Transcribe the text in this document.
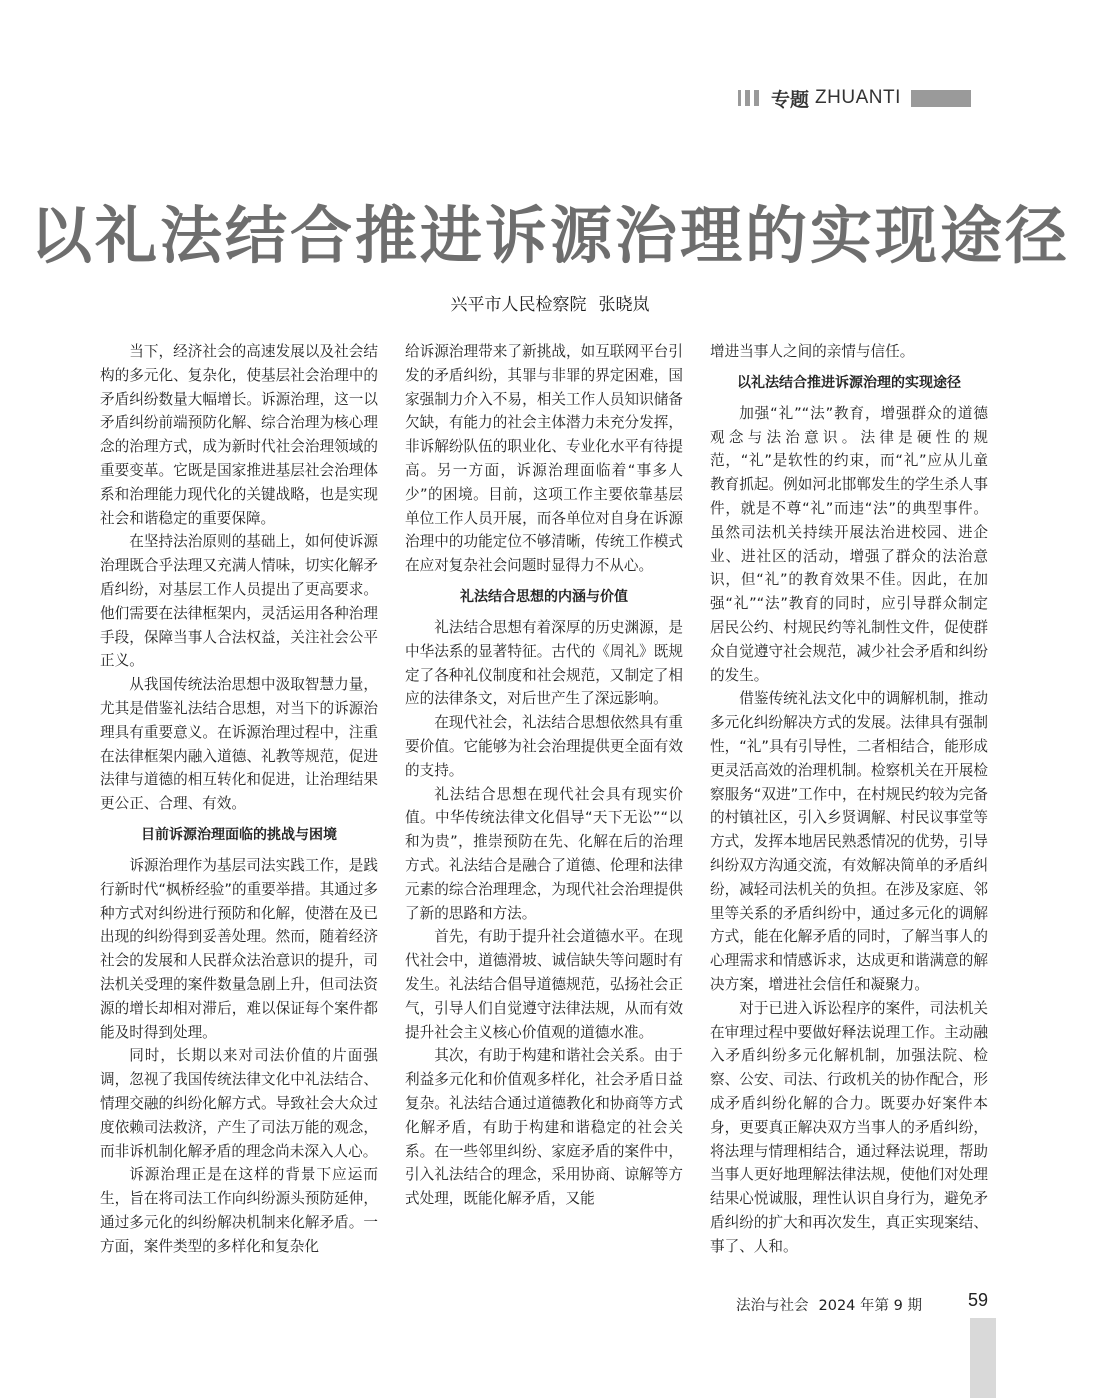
专题 ZHUANTI
以礼法结合推进诉源治理的实现途径
兴平市人民检察院 张晓岚

当下，经济社会的高速发展以及社会结构的多元化、复杂化，使基层社会治理中的矛盾纠纷数量大幅增长。诉源治理，这一以矛盾纠纷前端预防化解、综合治理为核心理念的治理方式，成为新时代社会治理领域的重要变革。它既是国家推进基层社会治理体系和治理能力现代化的关键战略，也是实现社会和谐稳定的重要保障。

在坚持法治原则的基础上，如何使诉源治理既合乎法理又充满人情味，切实化解矛盾纠纷，对基层工作人员提出了更高要求。他们需要在法律框架内，灵活运用各种治理手段，保障当事人合法权益，关注社会公平正义。

从我国传统法治思想中汲取智慧力量，尤其是借鉴礼法结合思想，对当下的诉源治理具有重要意义。在诉源治理过程中，注重在法律框架内融入道德、礼教等规范，促进法律与道德的相互转化和促进，让治理结果更公正、合理、有效。

目前诉源治理面临的挑战与困境

诉源治理作为基层司法实践工作，是践行新时代“枫桥经验”的重要举措。其通过多种方式对纠纷进行预防和化解，使潜在及已出现的纠纷得到妥善处理。然而，随着经济社会的发展和人民群众法治意识的提升，司法机关受理的案件数量急剧上升，但司法资源的增长却相对滞后，难以保证每个案件都能及时得到处理。

同时，长期以来对司法价值的片面强调，忽视了我国传统法律文化中礼法结合、情理交融的纠纷化解方式。导致社会大众过度依赖司法救济，产生了司法万能的观念，而非诉机制化解矛盾的理念尚未深入人心。

诉源治理正是在这样的背景下应运而生，旨在将司法工作向纠纷源头预防延伸，通过多元化的纠纷解决机制来化解矛盾。一方面，案件类型的多样化和复杂化

给诉源治理带来了新挑战，如互联网平台引发的矛盾纠纷，其罪与非罪的界定困难，国家强制力介入不易，相关工作人员知识储备欠缺，有能力的社会主体潜力未充分发挥，非诉解纷队伍的职业化、专业化水平有待提高。另一方面，诉源治理面临着“事多人少”的困境。目前，这项工作主要依靠基层单位工作人员开展，而各单位对自身在诉源治理中的功能定位不够清晰，传统工作模式在应对复杂社会问题时显得力不从心。

礼法结合思想的内涵与价值

礼法结合思想有着深厚的历史渊源，是中华法系的显著特征。古代的《周礼》既规定了各种礼仪制度和社会规范，又制定了相应的法律条文，对后世产生了深远影响。

在现代社会，礼法结合思想依然具有重要价值。它能够为社会治理提供更全面有效的支持。

礼法结合思想在现代社会具有现实价值。中华传统法律文化倡导“天下无讼”“以和为贵”，推崇预防在先、化解在后的治理方式。礼法结合是融合了道德、伦理和法律元素的综合治理理念，为现代社会治理提供了新的思路和方法。

首先，有助于提升社会道德水平。在现代社会中，道德滑坡、诚信缺失等问题时有发生。礼法结合倡导道德规范，弘扬社会正气，引导人们自觉遵守法律法规，从而有效提升社会主义核心价值观的道德水准。

其次，有助于构建和谐社会关系。由于利益多元化和价值观多样化，社会矛盾日益复杂。礼法结合通过道德教化和协商等方式化解矛盾，有助于构建和谐稳定的社会关系。在一些邻里纠纷、家庭矛盾的案件中，引入礼法结合的理念，采用协商、谅解等方式处理，既能化解矛盾，又能

增进当事人之间的亲情与信任。

以礼法结合推进诉源治理的实现途径

加强“礼”“法”教育，增强群众的道德观念与法治意识。法律是硬性的规范，“礼”是软性的约束，而“礼”应从儿童教育抓起。例如河北邯郸发生的学生杀人事件，就是不尊“礼”而违“法”的典型事件。虽然司法机关持续开展法治进校园、进企业、进社区的活动，增强了群众的法治意识，但“礼”的教育效果不佳。因此，在加强“礼”“法”教育的同时，应引导群众制定居民公约、村规民约等礼制性文件，促使群众自觉遵守社会规范，减少社会矛盾和纠纷的发生。

借鉴传统礼法文化中的调解机制，推动多元化纠纷解决方式的发展。法律具有强制性，“礼”具有引导性，二者相结合，能形成更灵活高效的治理机制。检察机关在开展检察服务“双进”工作中，在村规民约较为完备的村镇社区，引入乡贤调解、村民议事堂等方式，发挥本地居民熟悉情况的优势，引导纠纷双方沟通交流，有效解决简单的矛盾纠纷，减轻司法机关的负担。在涉及家庭、邻里等关系的矛盾纠纷中，通过多元化的调解方式，能在化解矛盾的同时，了解当事人的心理需求和情感诉求，达成更和谐满意的解决方案，增进社会信任和凝聚力。

对于已进入诉讼程序的案件，司法机关在审理过程中要做好释法说理工作。主动融入矛盾纠纷多元化解机制，加强法院、检察、公安、司法、行政机关的协作配合，形成矛盾纠纷化解的合力。既要办好案件本身，更要真正解决双方当事人的矛盾纠纷，将法理与情理相结合，通过释法说理，帮助当事人更好地理解法律法规，使他们对处理结果心悦诚服，理性认识自身行为，避免矛盾纠纷的扩大和再次发生，真正实现案结、事了、人和。

法治与社会 2024 年第 9 期	59
